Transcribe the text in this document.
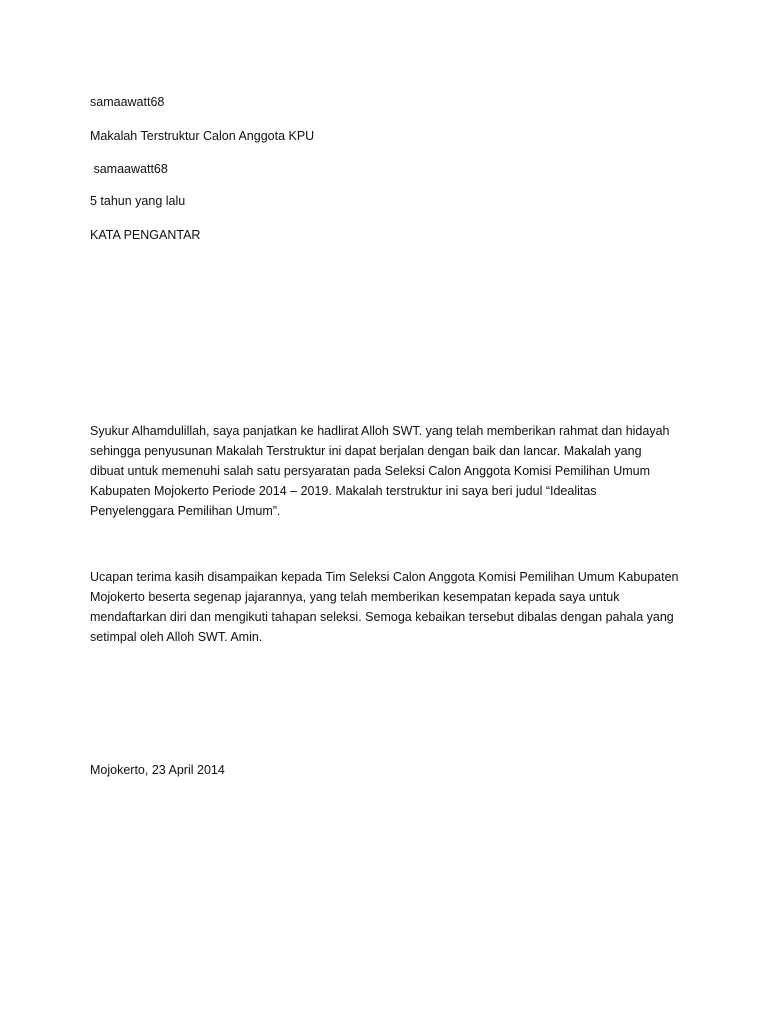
samaawatt68
Makalah Terstruktur Calon Anggota KPU
samaawatt68
5 tahun yang lalu
KATA PENGANTAR
Syukur Alhamdulillah, saya panjatkan ke hadlirat Alloh SWT. yang telah memberikan rahmat dan hidayah
sehingga penyusunan Makalah Terstruktur ini dapat berjalan dengan baik dan lancar. Makalah yang
dibuat untuk memenuhi salah satu persyaratan pada Seleksi Calon Anggota Komisi Pemilihan Umum
Kabupaten Mojokerto Periode 2014 – 2019. Makalah terstruktur ini saya beri judul “Idealitas
Penyelenggara Pemilihan Umum”.
Ucapan terima kasih disampaikan kepada Tim Seleksi Calon Anggota Komisi Pemilihan Umum Kabupaten
Mojokerto beserta segenap jajarannya, yang telah memberikan kesempatan kepada saya untuk
mendaftarkan diri dan mengikuti tahapan seleksi. Semoga kebaikan tersebut dibalas dengan pahala yang
setimpal oleh Alloh SWT. Amin.
Mojokerto, 23 April 2014
